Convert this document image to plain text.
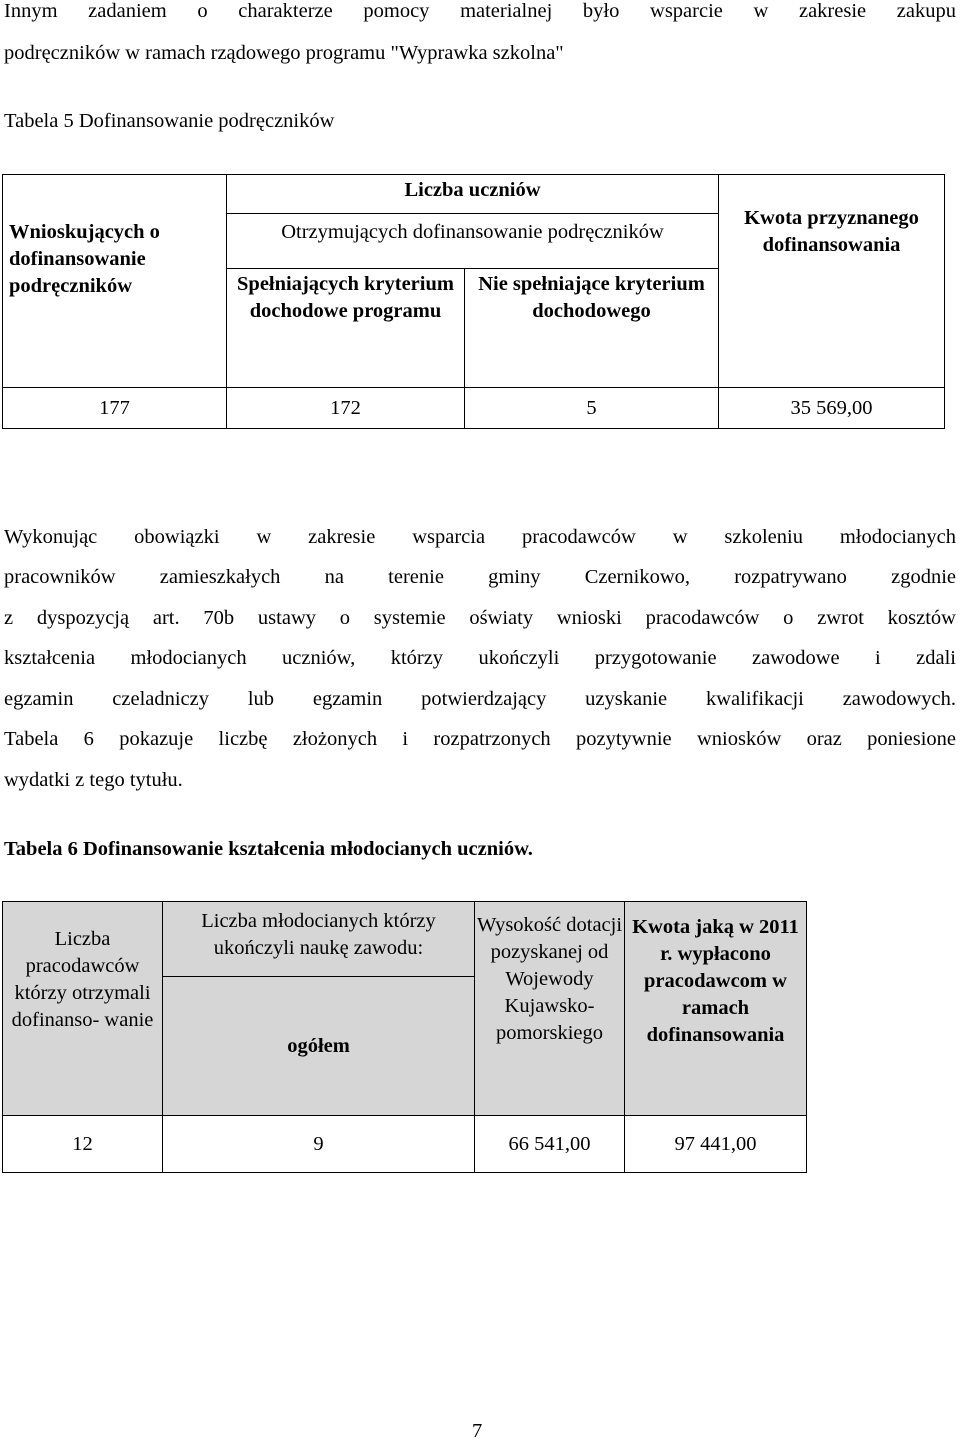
Innym zadaniem o charakterze pomocy materialnej było wsparcie w zakresie zakupu
podręczników w ramach rządowego programu "Wyprawka szkolna"
Tabela 5 Dofinansowanie podręczników
Wnioskujących o dofinansowanie podręczników	Liczba uczniów		Kwota przyznanego dofinansowania
	Otrzymujących dofinansowanie podręczników		
	Spełniających kryterium dochodowe programu	Nie spełniające kryterium dochodowego	
177	172	5	35 569,00
Wykonując obowiązki w zakresie wsparcia pracodawców w szkoleniu młodocianych
pracowników zamieszkałych na terenie gminy Czernikowo, rozpatrywano zgodnie
z dyspozycją art. 70b ustawy o systemie oświaty wnioski pracodawców o zwrot kosztów
kształcenia młodocianych uczniów, którzy ukończyli przygotowanie zawodowe i zdali
egzamin czeladniczy lub egzamin potwierdzający uzyskanie kwalifikacji zawodowych.
Tabela 6 pokazuje liczbę złożonych i rozpatrzonych pozytywnie wniosków oraz poniesione
wydatki z tego tytułu.
Tabela 6 Dofinansowanie kształcenia młodocianych uczniów.
Liczba pracodawców którzy otrzymali dofinanso- wanie	Liczba młodocianych którzy ukończyli naukę zawodu:	Wysokość dotacji pozyskanej od Wojewody Kujawsko- pomorskiego	Kwota jaką w 2011 r. wypłacono pracodawcom w ramach dofinansowania
	ogółem		
12	9	66 541,00	97 441,00
7
